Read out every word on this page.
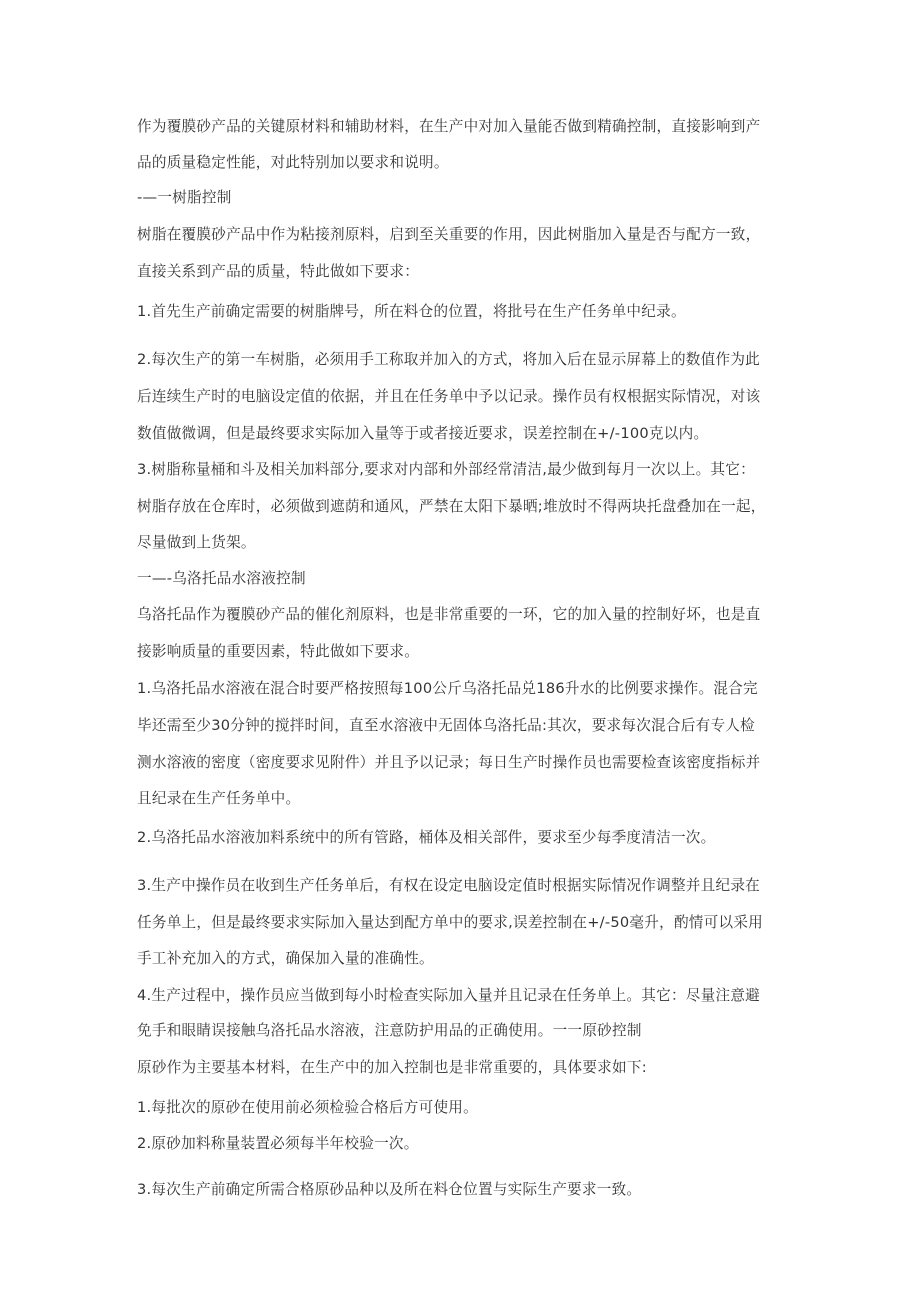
作为覆膜砂产品的关键原材料和辅助材料，在生产中对加入量能否做到精确控制，直接影响到产
品的质量稳定性能，对此特别加以要求和说明。
-—一树脂控制
树脂在覆膜砂产品中作为粘接剂原料，启到至关重要的作用，因此树脂加入量是否与配方一致，
直接关系到产品的质量，特此做如下要求：
1.首先生产前确定需要的树脂牌号，所在料仓的位置，将批号在生产任务单中纪录。
2.每次生产的第一车树脂，必须用手工称取并加入的方式，将加入后在显示屏幕上的数值作为此
后连续生产时的电脑设定值的依据，并且在任务单中予以记录。操作员有权根据实际情况，对该
数值做微调，但是最终要求实际加入量等于或者接近要求，误差控制在+/-100克以内。
3.树脂称量桶和斗及相关加料部分,要求对内部和外部经常清洁,最少做到每月一次以上。其它：
树脂存放在仓库时，必须做到遮荫和通风，严禁在太阳下暴晒;堆放时不得两块托盘叠加在一起，
尽量做到上货架。
一—-乌洛托品水溶液控制
乌洛托品作为覆膜砂产品的催化剂原料，也是非常重要的一环，它的加入量的控制好坏，也是直
接影响质量的重要因素，特此做如下要求。
1.乌洛托品水溶液在混合时要严格按照每100公斤乌洛托品兑186升水的比例要求操作。混合完
毕还需至少30分钟的搅拌时间，直至水溶液中无固体乌洛托品:其次，要求每次混合后有专人检
测水溶液的密度（密度要求见附件）并且予以记录；每日生产时操作员也需要检查该密度指标并
且纪录在生产任务单中。
2.乌洛托品水溶液加料系统中的所有管路，桶体及相关部件，要求至少每季度清洁一次。
3.生产中操作员在收到生产任务单后，有权在设定电脑设定值时根据实际情况作调整并且纪录在
任务单上，但是最终要求实际加入量达到配方单中的要求,误差控制在+/-50毫升，酌情可以采用
手工补充加入的方式，确保加入量的准确性。
4.生产过程中，操作员应当做到每小时检查实际加入量并且记录在任务单上。其它：尽量注意避
免手和眼睛误接触乌洛托品水溶液，注意防护用品的正确使用。一一原砂控制
原砂作为主要基本材料，在生产中的加入控制也是非常重要的，具体要求如下:
1.每批次的原砂在使用前必须检验合格后方可使用。
2.原砂加料称量装置必须每半年校验一次。
3.每次生产前确定所需合格原砂品种以及所在料仓位置与实际生产要求一致。
